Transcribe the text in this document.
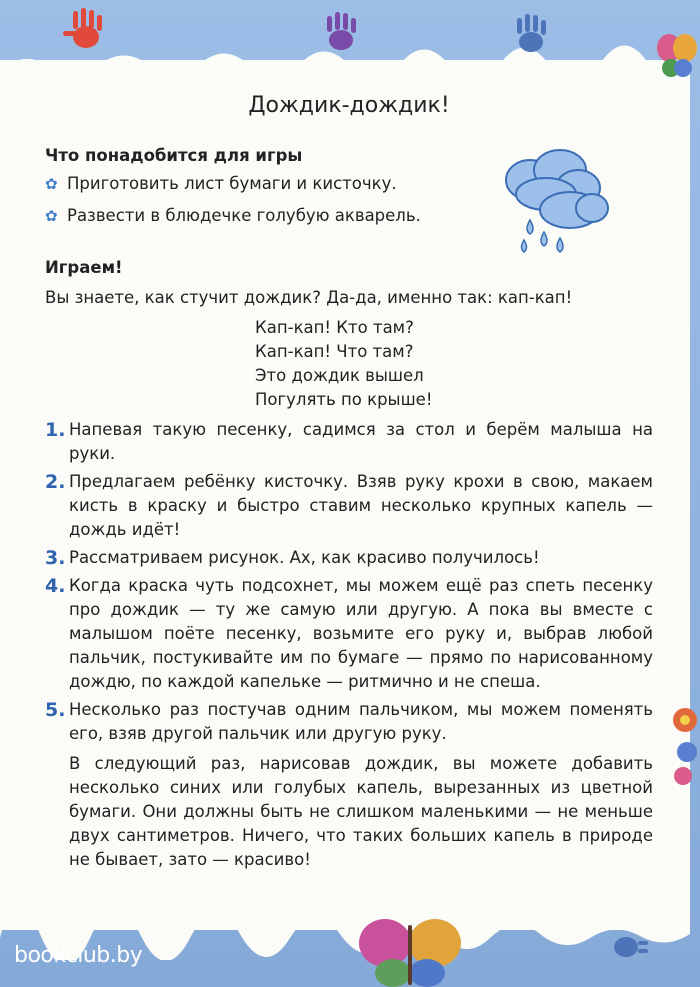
Дождик-дождик!
Что понадобится для игры
✿ Приготовить лист бумаги и кисточку.
✿ Развести в блюдечке голубую акварель.
Играем!
Вы знаете, как стучит дождик? Да-да, именно так: кап-кап!
Кап-кап! Кто там?
Кап-кап! Что там?
Это дождик вышел
Погулять по крыше!
1. Напевая такую песенку, садимся за стол и берём малыша на руки.
2. Предлагаем ребёнку кисточку. Взяв руку крохи в свою, макаем кисть в краску и быстро ставим несколько крупных капель — дождь идёт!
3. Рассматриваем рисунок. Ах, как красиво получилось!
4. Когда краска чуть подсохнет, мы можем ещё раз спеть песенку про дождик — ту же самую или другую. А пока вы вместе с малышом поёте песенку, возьмите его руку и, выбрав любой пальчик, постукивайте им по бумаге — прямо по нарисованному дождю, по каждой капельке — ритмично и не спеша.
5. Несколько раз постучав одним пальчиком, мы можем поменять его, взяв другой пальчик или другую руку.
В следующий раз, нарисовав дождик, вы можете добавить несколько синих или голубых капель, вырезанных из цветной бумаги. Они должны быть не слишком маленькими — не меньше двух сантиметров. Ничего, что таких больших капель в природе не бывает, зато — красиво!
bookclub.by
